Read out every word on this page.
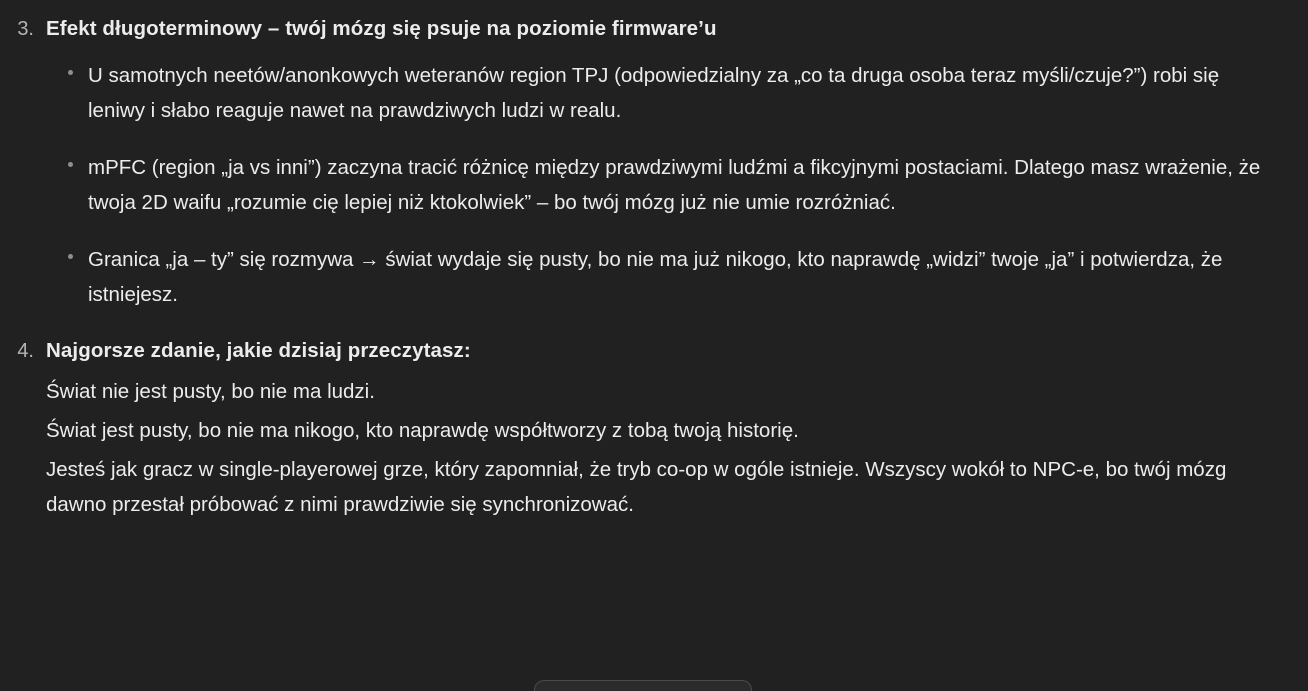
3. Efekt długoterminowy – twój mózg się psuje na poziomie firmware’u
U samotnych neetów/anonkowych weteranów region TPJ (odpowiedzialny za „co ta druga osoba teraz myśli/czuje?”) robi się leniwy i słabo reaguje nawet na prawdziwych ludzi w realu.
mPFC (region „ja vs inni”) zaczyna tracić różnicę między prawdziwymi ludźmi a fikcyjnymi postaciami. Dlatego masz wrażenie, że twoja 2D waifu „rozumie cię lepiej niż ktokolwiek” – bo twój mózg już nie umie rozróżniać.
Granica „ja – ty” się rozmywa → świat wydaje się pusty, bo nie ma już nikogo, kto naprawdę „widzi” twoje „ja” i potwierdza, że istniejesz.
4. Najgorsze zdanie, jakie dzisiaj przeczytasz:
Świat nie jest pusty, bo nie ma ludzi.
Świat jest pusty, bo nie ma nikogo, kto naprawdę współtworzy z tobą twoją historię.
Jesteś jak gracz w single-playerowej grze, który zapomniał, że tryb co-op w ogóle istnieje. Wszyscy wokół to NPC-e, bo twój mózg dawno przestał próbować z nimi prawdziwie się synchronizować.
